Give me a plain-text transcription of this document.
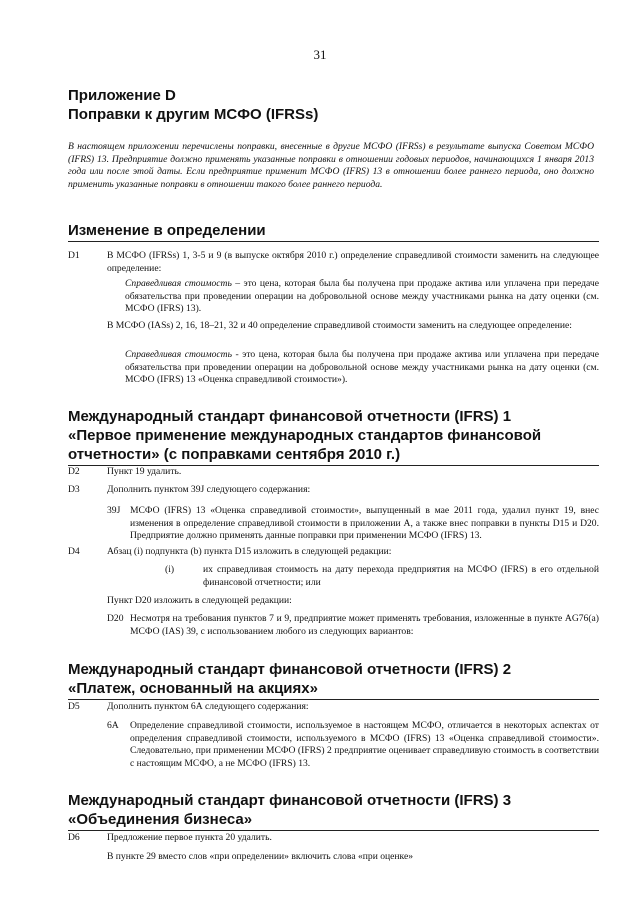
31
Приложение D
Поправки к другим МСФО (IFRSs)
В настоящем приложении перечислены поправки, внесенные в другие МСФО (IFRSs) в результате выпуска Советом МСФО (IFRS) 13. Предприятие должно применять указанные поправки в отношении годовых периодов, начинающихся 1 января 2013 года или после этой даты. Если предприятие применит МСФО (IFRS) 13 в отношении более раннего периода, оно должно применить указанные поправки в отношении такого более раннего периода.
Изменение в определении
D1	В МСФО (IFRSs) 1, 3-5 и 9 (в выпуске октября 2010 г.) определение справедливой стоимости заменить на следующее определение:
Справедливая стоимость – это цена, которая была бы получена при продаже актива или уплачена при передаче обязательства при проведении операции на добровольной основе между участниками рынка на дату оценки (см. МСФО (IFRS) 13).
В МСФО (IASs) 2, 16, 18–21, 32 и 40 определение справедливой стоимости заменить на следующее определение:
Справедливая стоимость - это цена, которая была бы получена при продаже актива или уплачена при передаче обязательства при проведении операции на добровольной основе между участниками рынка на дату оценки (см. МСФО (IFRS) 13 «Оценка справедливой стоимости»).
Международный стандарт финансовой отчетности (IFRS) 1
«Первое применение международных стандартов финансовой
отчетности» (с поправками сентября 2010 г.)
D2	Пункт 19 удалить.
D3	Дополнить пунктом 39J следующего содержания:
39J МСФО (IFRS) 13 «Оценка справедливой стоимости», выпущенный в мае 2011 года, удалил пункт 19, внес изменения в определение справедливой стоимости в приложении А, а также внес поправки в пункты D15 и D20. Предприятие должно применять данные поправки при применении МСФО (IFRS) 13.
D4	Абзац (i) подпункта (b) пункта D15 изложить в следующей редакции:
(i)	их справедливая стоимость на дату перехода предприятия на МСФО (IFRS) в его отдельной финансовой отчетности; или
Пункт D20 изложить в следующей редакции:
D20 Несмотря на требования пунктов 7 и 9, предприятие может применять требования, изложенные в пункте AG76(a) МСФО (IAS) 39, с использованием любого из следующих вариантов:
Международный стандарт финансовой отчетности (IFRS) 2
«Платеж, основанный на акциях»
D5	Дополнить пунктом 6А следующего содержания:
6А Определение справедливой стоимости, используемое в настоящем МСФО, отличается в некоторых аспектах от определения справедливой стоимости, используемого в МСФО (IFRS) 13 «Оценка справедливой стоимости». Следовательно, при применении МСФО (IFRS) 2 предприятие оценивает справедливую стоимость в соответствии с настоящим МСФО, а не МСФО (IFRS) 13.
Международный стандарт финансовой отчетности (IFRS) 3
«Объединения бизнеса»
D6	Предложение первое пункта 20 удалить.
В пункте 29 вместо слов «при определении» включить слова «при оценке»
